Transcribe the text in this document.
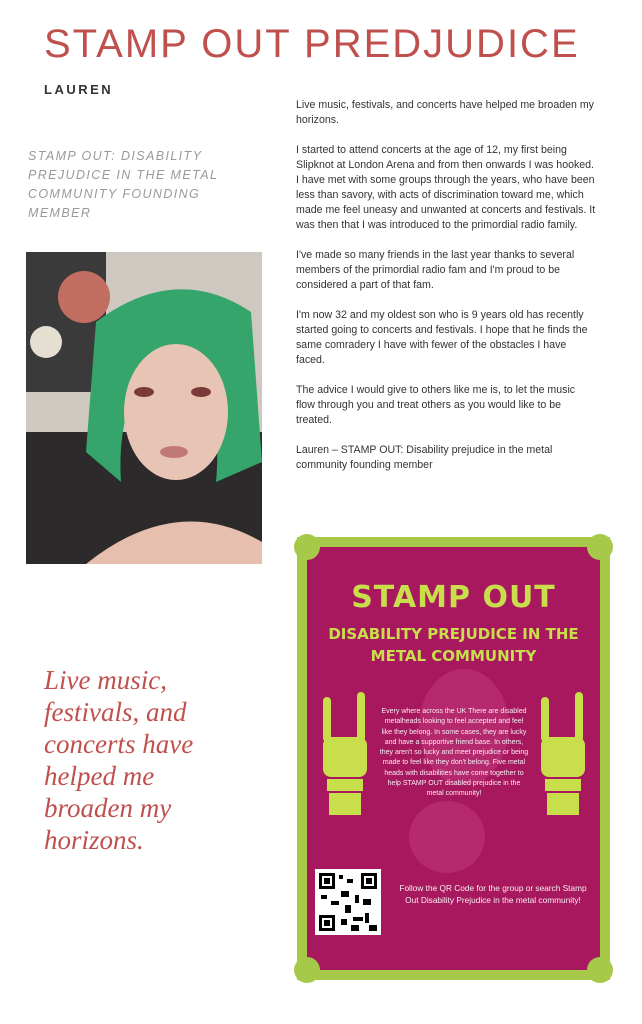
STAMP OUT PREDJUDICE
LAUREN
STAMP OUT: DISABILITY PREJUDICE IN THE METAL COMMUNITY FOUNDING MEMBER

Live music, festivals, and concerts have helped me broaden my horizons.

I started to attend concerts at the age of 12, my first being Slipknot at London Arena and from then onwards I was hooked. I have met with some groups through the years, who have been less than savory, with acts of discrimination toward me, which made me feel uneasy and unwanted at concerts and festivals. It was then that I was introduced to the primordial radio family.

I've made so many friends in the last year thanks to several members of the primordial radio fam and I'm proud to be considered a part of that fam.

I'm now 32 and my oldest son who is 9 years old has recently started going to concerts and festivals. I hope that he finds the same comradery I have with fewer of the obstacles I have faced.

The advice I would give to others like me is, to let the music flow through you and treat others as you would like to be treated.

Lauren – STAMP OUT: Disability prejudice in the metal community founding member

Live music, festivals, and concerts have helped me broaden my horizons.
STAMP OUT
DISABILITY PREJUDICE IN THE METAL COMMUNITY
Every where across the UK There are disabled metalheads looking to feel accepted and feel like they belong. In some cases, they are lucky and have a supportive friend base. In others, they aren't so lucky and meet prejudice or being made to feel like they don't belong. Five metal heads with disabilities have come together to help STAMP OUT disabled prejudice in the metal community!
Follow the QR Code for the group or search Stamp Out Disability Prejudice in the metal community!
